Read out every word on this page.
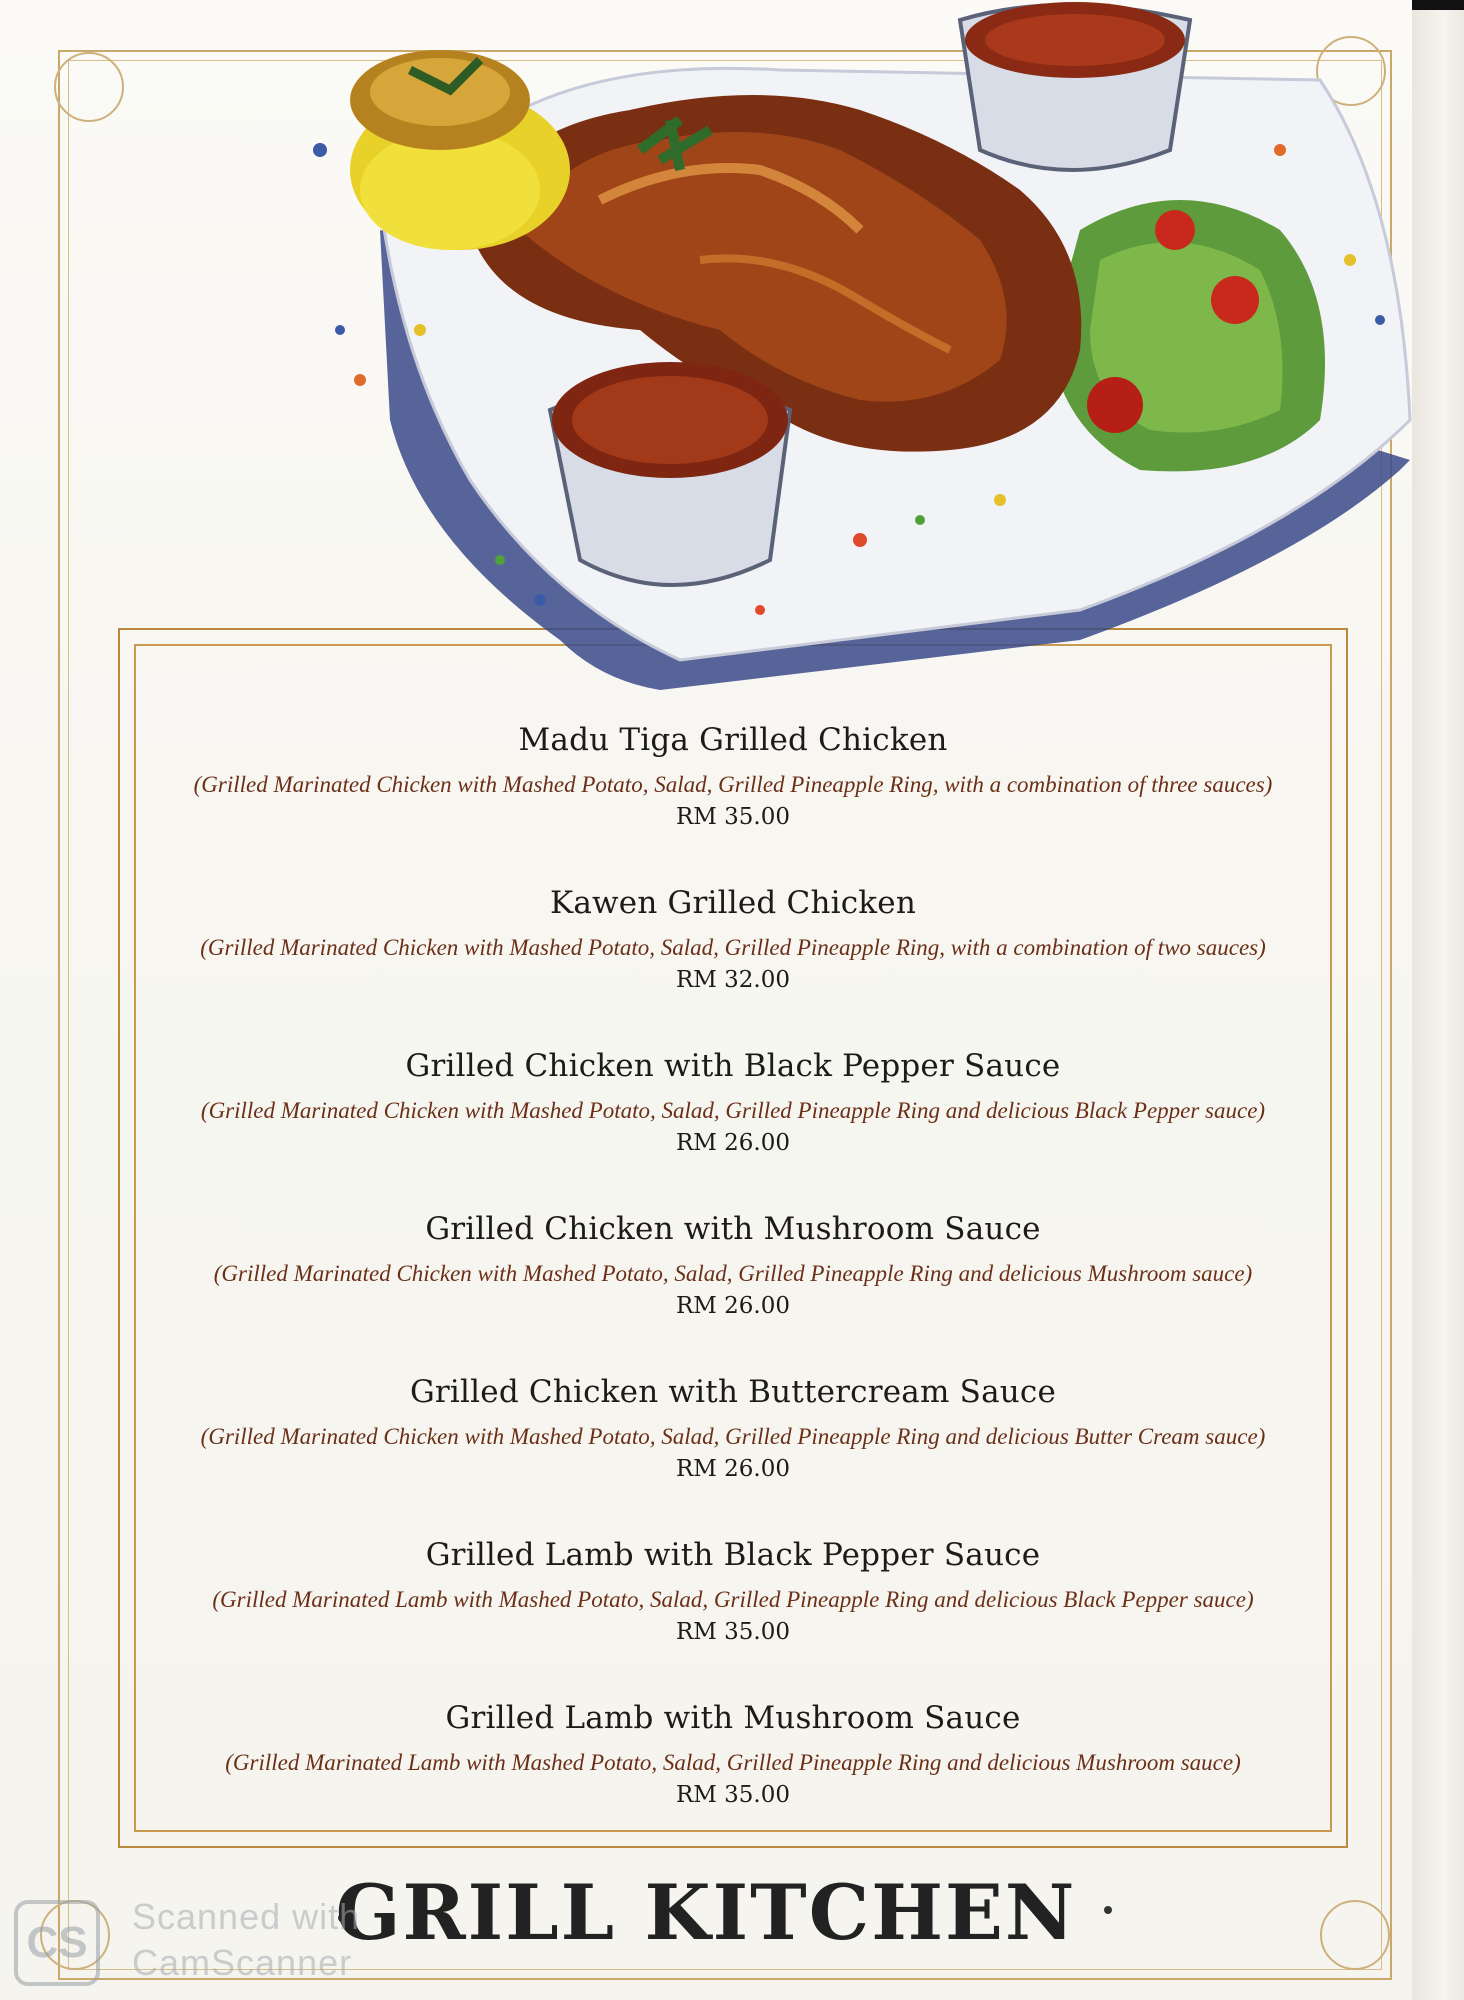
Madu Tiga Grilled Chicken
(Grilled Marinated Chicken with Mashed Potato, Salad, Grilled Pineapple Ring, with a combination of three sauces)
RM 35.00
Kawen Grilled Chicken
(Grilled Marinated Chicken with Mashed Potato, Salad, Grilled Pineapple Ring, with a combination of two sauces)
RM 32.00
Grilled Chicken with Black Pepper Sauce
(Grilled Marinated Chicken with Mashed Potato, Salad, Grilled Pineapple Ring and delicious Black Pepper sauce)
RM 26.00
Grilled Chicken with Mushroom Sauce
(Grilled Marinated Chicken with Mashed Potato, Salad, Grilled Pineapple Ring and delicious Mushroom sauce)
RM 26.00
Grilled Chicken with Buttercream Sauce
(Grilled Marinated Chicken with Mashed Potato, Salad, Grilled Pineapple Ring and delicious Butter Cream sauce)
RM 26.00
Grilled Lamb with Black Pepper Sauce
(Grilled Marinated Lamb with Mashed Potato, Salad, Grilled Pineapple Ring and delicious Black Pepper sauce)
RM 35.00
Grilled Lamb with Mushroom Sauce
(Grilled Marinated Lamb with Mashed Potato, Salad, Grilled Pineapple Ring and delicious Mushroom sauce)
RM 35.00
GRILL KITCHEN
CS
Scanned with
CamScanner
